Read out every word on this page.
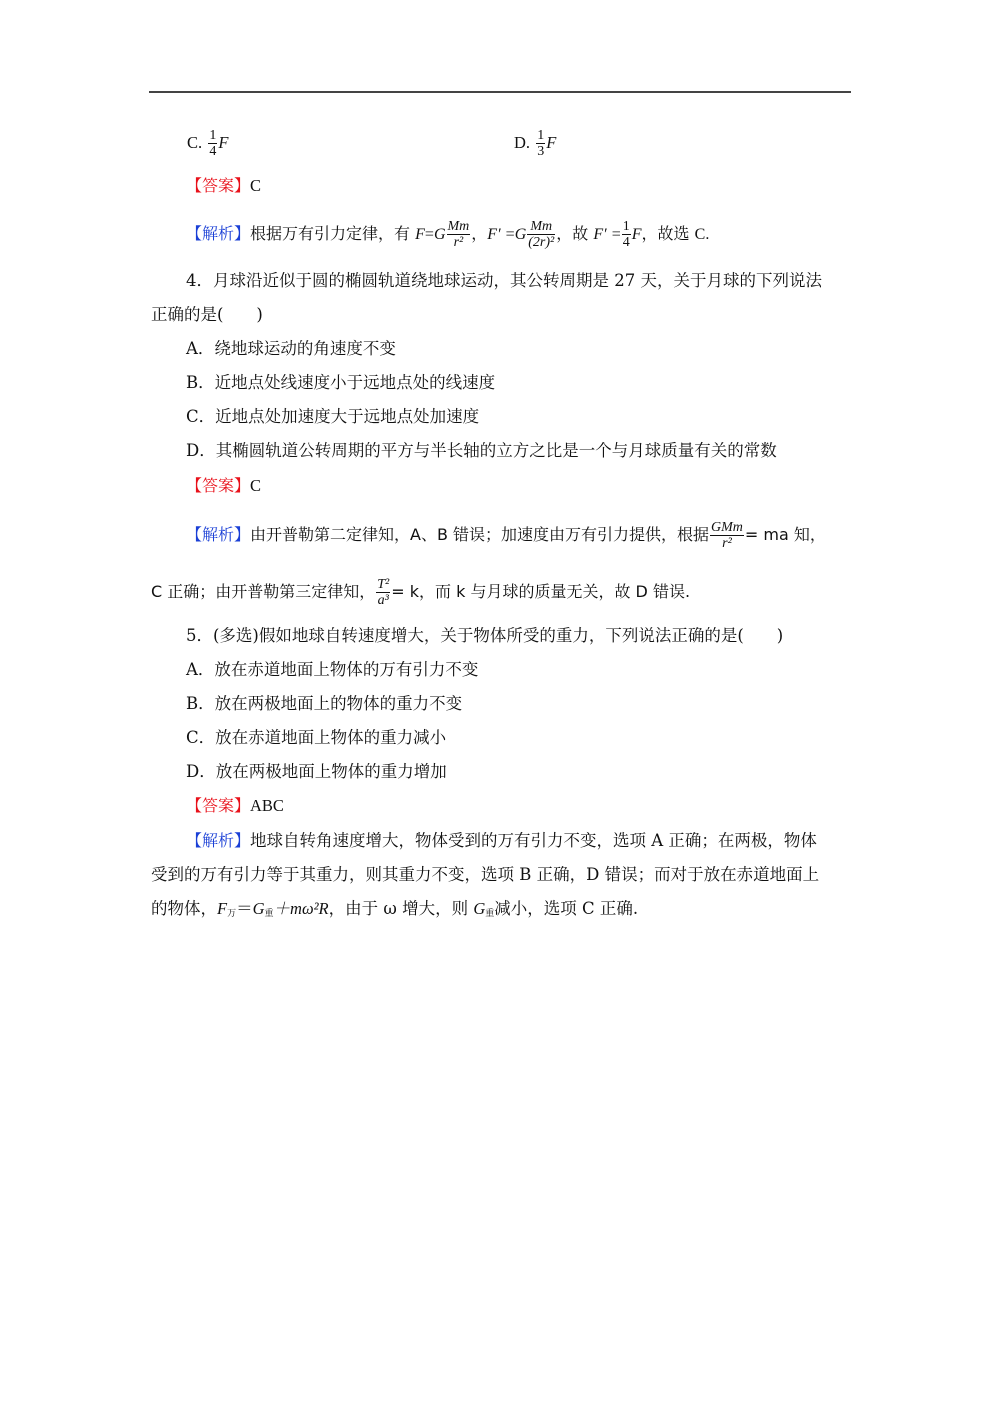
C. $\frac{1}{4}$ F	D. $\frac{1}{3}$ F
【答案】C
【解析】根据万有引力定律，有 $F=G \frac{Mm}{\text{r²}}$ ，$F' =G \frac{Mm}{\text{(2r)²}}$ ，故 $F' = \frac{1}{4}$ F，故选 C.
4．月球沿近似于圆的椭圆轨道绕地球运动，其公转周期是 27 天，关于月球的下列说法
正确的是(　　)
A．绕地球运动的角速度不变
B．近地点处线速度小于远地点处的线速度
C．近地点处加速度大于远地点处加速度
D．其椭圆轨道公转周期的平方与半长轴的立方之比是一个与月球质量有关的常数
【答案】C
【解析】由开普勒第二定律知，A、B 错误；加速度由万有引力提供，根据 $\frac{\text{GMm}}{\text{r²}}$ = ma 知，
C 正确；由开普勒第三定律知， $\frac{\text{T²}}{\text{a³}} = k$，而 k 与月球的质量无关，故 D 错误.
5．(多选)假如地球自转速度增大，关于物体所受的重力，下列说法正确的是(　　)
A．放在赤道地面上物体的万有引力不变
B．放在两极地面上的物体的重力不变
C．放在赤道地面上物体的重力减小
D．放在两极地面上物体的重力增加
【答案】ABC
【解析】地球自转角速度增大，物体受到的万有引力不变，选项 A 正确；在两极，物体
受到的万有引力等于其重力，则其重力不变，选项 B 正确，D 错误；而对于放在赤道地面上
的物体，$F_万=G_重+m\omega^2R$，由于 ω 增大，则 $G_重$减小，选项 C 正确.
